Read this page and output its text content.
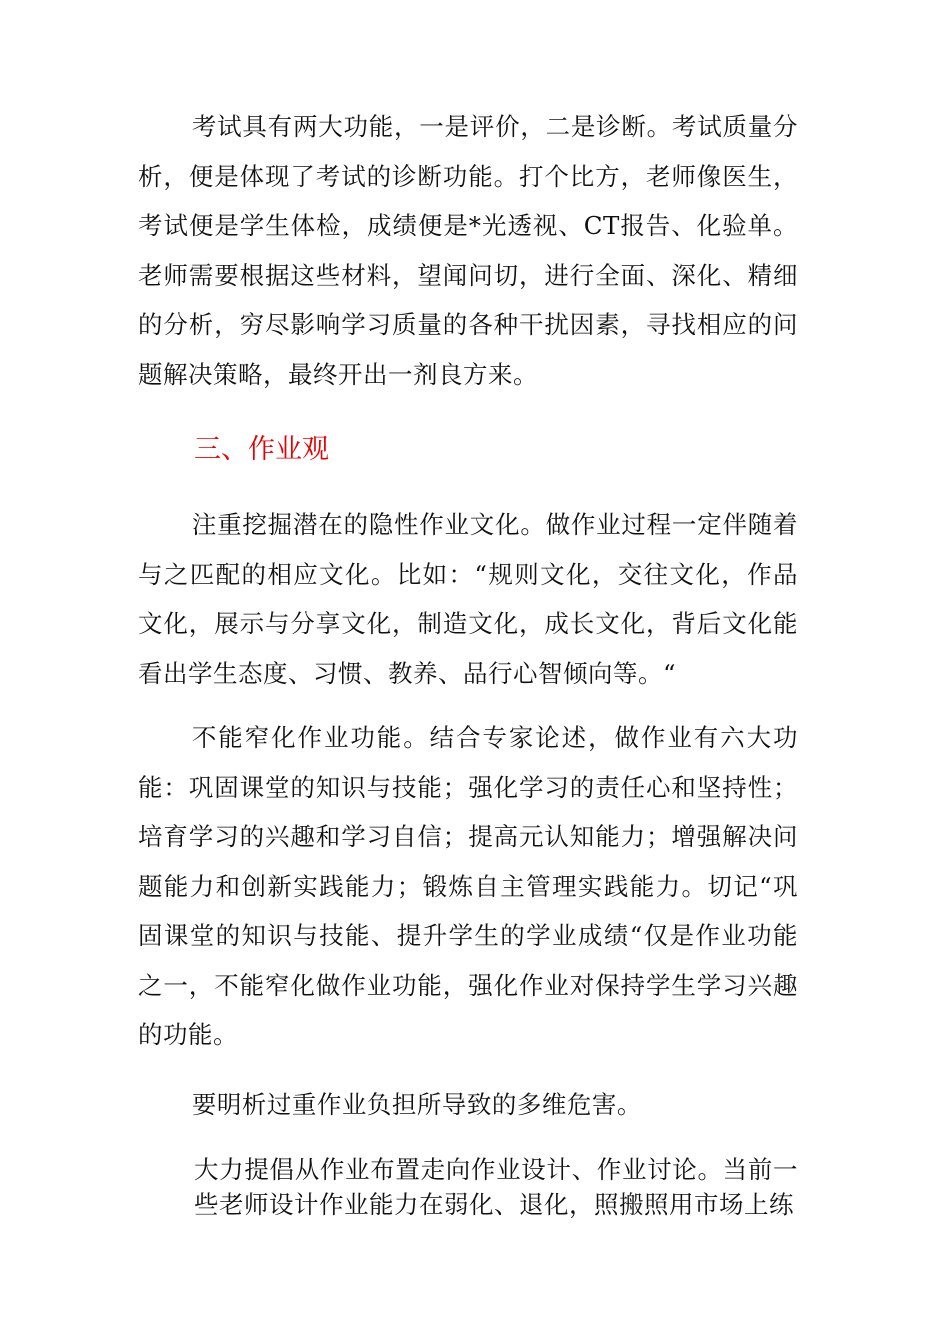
考试具有两大功能，一是评价，二是诊断。考试质量分析，便是体现了考试的诊断功能。打个比方，老师像医生，考试便是学生体检，成绩便是*光透视、CT报告、化验单。老师需要根据这些材料，望闻问切，进行全面、深化、精细的分析，穷尽影响学习质量的各种干扰因素，寻找相应的问题解决策略，最终开出一剂良方来。

三、作业观

注重挖掘潜在的隐性作业文化。做作业过程一定伴随着与之匹配的相应文化。比如：“规则文化，交往文化，作品文化，展示与分享文化，制造文化，成长文化，背后文化能看出学生态度、习惯、教养、品行心智倾向等。“

不能窄化作业功能。结合专家论述，做作业有六大功能：巩固课堂的知识与技能；强化学习的责任心和坚持性；培育学习的兴趣和学习自信；提高元认知能力；增强解决问题能力和创新实践能力；锻炼自主管理实践能力。切记“巩固课堂的知识与技能、提升学生的学业成绩“仅是作业功能之一，不能窄化做作业功能，强化作业对保持学生学习兴趣的功能。

要明析过重作业负担所导致的多维危害。

大力提倡从作业布置走向作业设计、作业讨论。当前一些老师设计作业能力在弱化、退化，照搬照用市场上练
